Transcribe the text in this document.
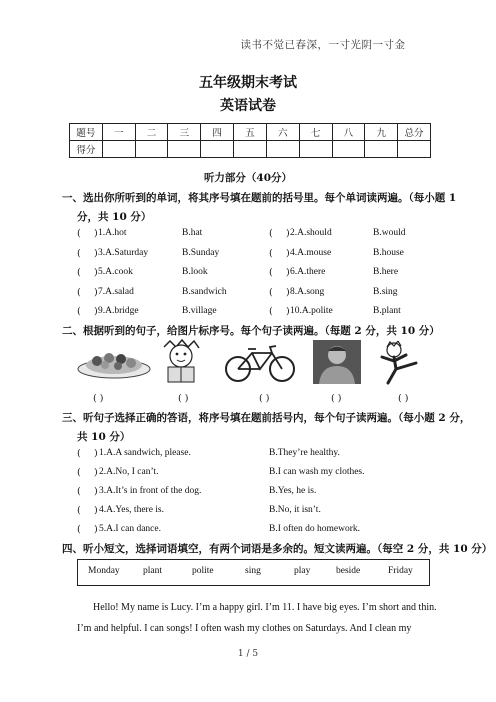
读书不觉已春深，一寸光阴一寸金
五年级期末考试
英语试卷
题号	一	二	三	四	五	六	七	八	九	总分
得分										
听力部分（40分）
一、选出你所听到的单词，将其序号填在题前的括号里。每个单词读两遍。（每小题 1
分，共 10 分）
( ) 1.A.hot	B.hat	( ) 2.A.should	B.would
( ) 3.A.Saturday	B.Sunday	( ) 4.A.mouse	B.house
( ) 5.A.cook	B.look	( ) 6.A.there	B.here
( ) 7.A.salad	B.sandwich	( ) 8.A.song	B.sing
( ) 9.A.bridge	B.village	( ) 10.A.polite	B.plant
二、根据听到的句子，给图片标序号。每个句子读两遍。（每题 2 分，共 10 分）
( )	( )	( )	( )	( )
三、听句子选择正确的答语，将序号填在题前括号内，每个句子读两遍。（每小题 2 分，
共 10 分）
( ) 1.A.A sandwich, please.	B.They’re healthy.
( ) 2.A.No, I can’t.	B.I can wash my clothes.
( ) 3.A.It’s in front of the dog.	B.Yes, he is.
( ) 4.A.Yes, there is.	B.No, it isn’t.
( ) 5.A.I can dance.	B.I often do homework.
四、听小短文，选择词语填空，有两个词语是多余的。短文读两遍。（每空 2 分，共 10 分）
Monday plant	polite	sing	play	beside	Friday
Hello! My name is Lucy. I’m a happy girl. I’m 11. I have big eyes. I’m short and thin.
I’m and helpful. I can songs! I often wash my clothes on Saturdays. And I clean my
1 / 5
